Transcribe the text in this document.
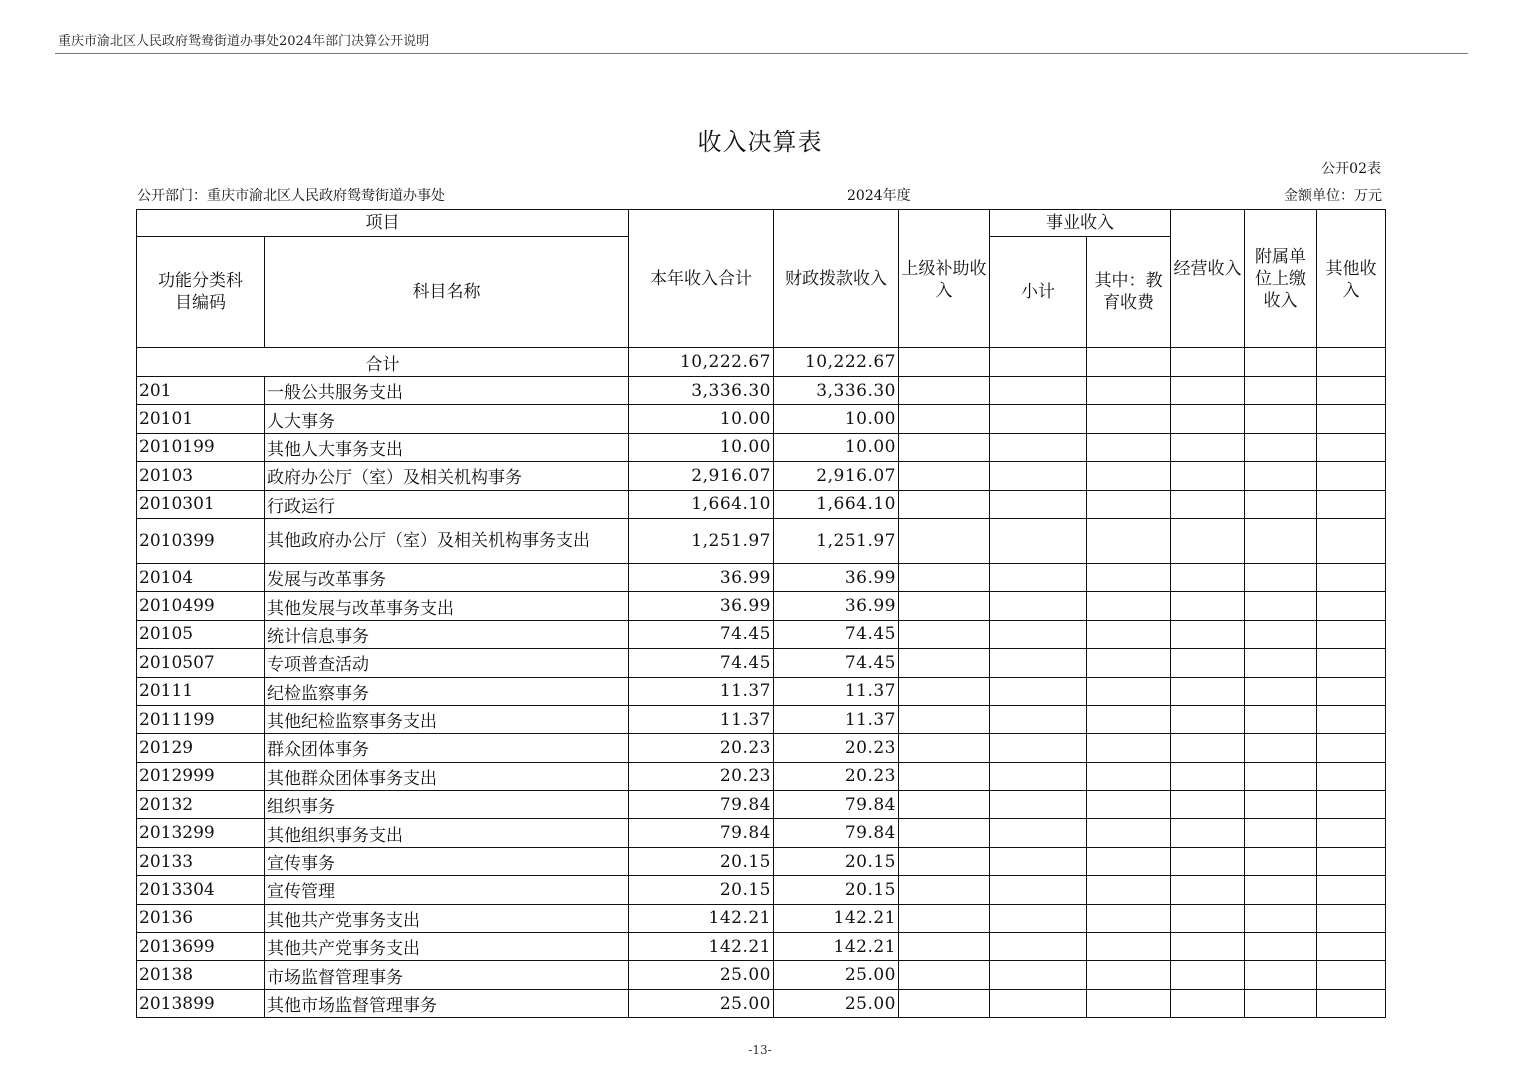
重庆市渝北区人民政府鸳鸯街道办事处2024年部门决算公开说明
收入决算表
公开02表
公开部门：重庆市渝北区人民政府鸳鸯街道办事处	2024年度	金额单位：万元
项目		本年收入合计	财政拨款收入	上级补助收入	事业收入		经营收入	附属单位上缴收入	其他收入
功能分类科目编码	科目名称				小计	其中：教育收费			
合计		10,222.67	10,222.67						
201	一般公共服务支出	3,336.30	3,336.30						
20101	人大事务	10.00	10.00						
2010199	其他人大事务支出	10.00	10.00						
20103	政府办公厅（室）及相关机构事务	2,916.07	2,916.07						
2010301	行政运行	1,664.10	1,664.10						
2010399	其他政府办公厅（室）及相关机构事务支出	1,251.97	1,251.97						
20104	发展与改革事务	36.99	36.99						
2010499	其他发展与改革事务支出	36.99	36.99						
20105	统计信息事务	74.45	74.45						
2010507	专项普查活动	74.45	74.45						
20111	纪检监察事务	11.37	11.37						
2011199	其他纪检监察事务支出	11.37	11.37						
20129	群众团体事务	20.23	20.23						
2012999	其他群众团体事务支出	20.23	20.23						
20132	组织事务	79.84	79.84						
2013299	其他组织事务支出	79.84	79.84						
20133	宣传事务	20.15	20.15						
2013304	宣传管理	20.15	20.15						
20136	其他共产党事务支出	142.21	142.21						
2013699	其他共产党事务支出	142.21	142.21						
20138	市场监督管理事务	25.00	25.00						
2013899	其他市场监督管理事务	25.00	25.00						
-13-
